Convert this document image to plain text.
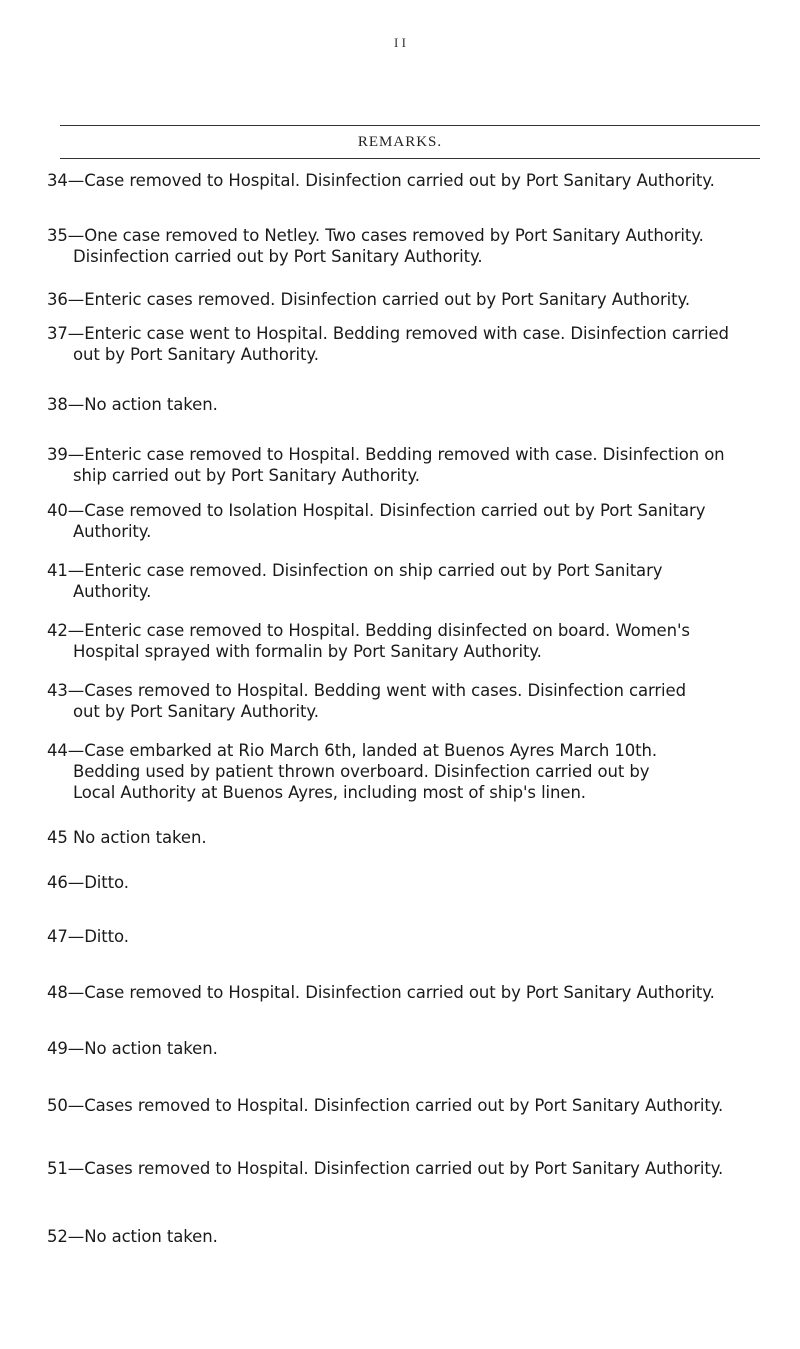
I I
REMARKS.
34—Case removed to Hospital. Disinfection carried out by Port Sanitary Authority.
35—One case removed to Netley. Two cases removed by Port Sanitary Authority.
Disinfection carried out by Port Sanitary Authority.
36—Enteric cases removed. Disinfection carried out by Port Sanitary Authority.
37—Enteric case went to Hospital. Bedding removed with case. Disinfection carried
out by Port Sanitary Authority.
38—No action taken.
39—Enteric case removed to Hospital. Bedding removed with case. Disinfection on
ship carried out by Port Sanitary Authority.
40—Case removed to Isolation Hospital. Disinfection carried out by Port Sanitary
Authority.
41—Enteric case removed. Disinfection on ship carried out by Port Sanitary
Authority.
42—Enteric case removed to Hospital. Bedding disinfected on board. Women's
Hospital sprayed with formalin by Port Sanitary Authority.
43—Cases removed to Hospital. Bedding went with cases. Disinfection carried
out by Port Sanitary Authority.
44—Case embarked at Rio March 6th, landed at Buenos Ayres March 10th.
Bedding used by patient thrown overboard. Disinfection carried out by
Local Authority at Buenos Ayres, including most of ship's linen.
45 No action taken.
46—Ditto.
47—Ditto.
48—Case removed to Hospital. Disinfection carried out by Port Sanitary Authority.
49—No action taken.
50—Cases removed to Hospital. Disinfection carried out by Port Sanitary Authority.
51—Cases removed to Hospital. Disinfection carried out by Port Sanitary Authority.
52—No action taken.
